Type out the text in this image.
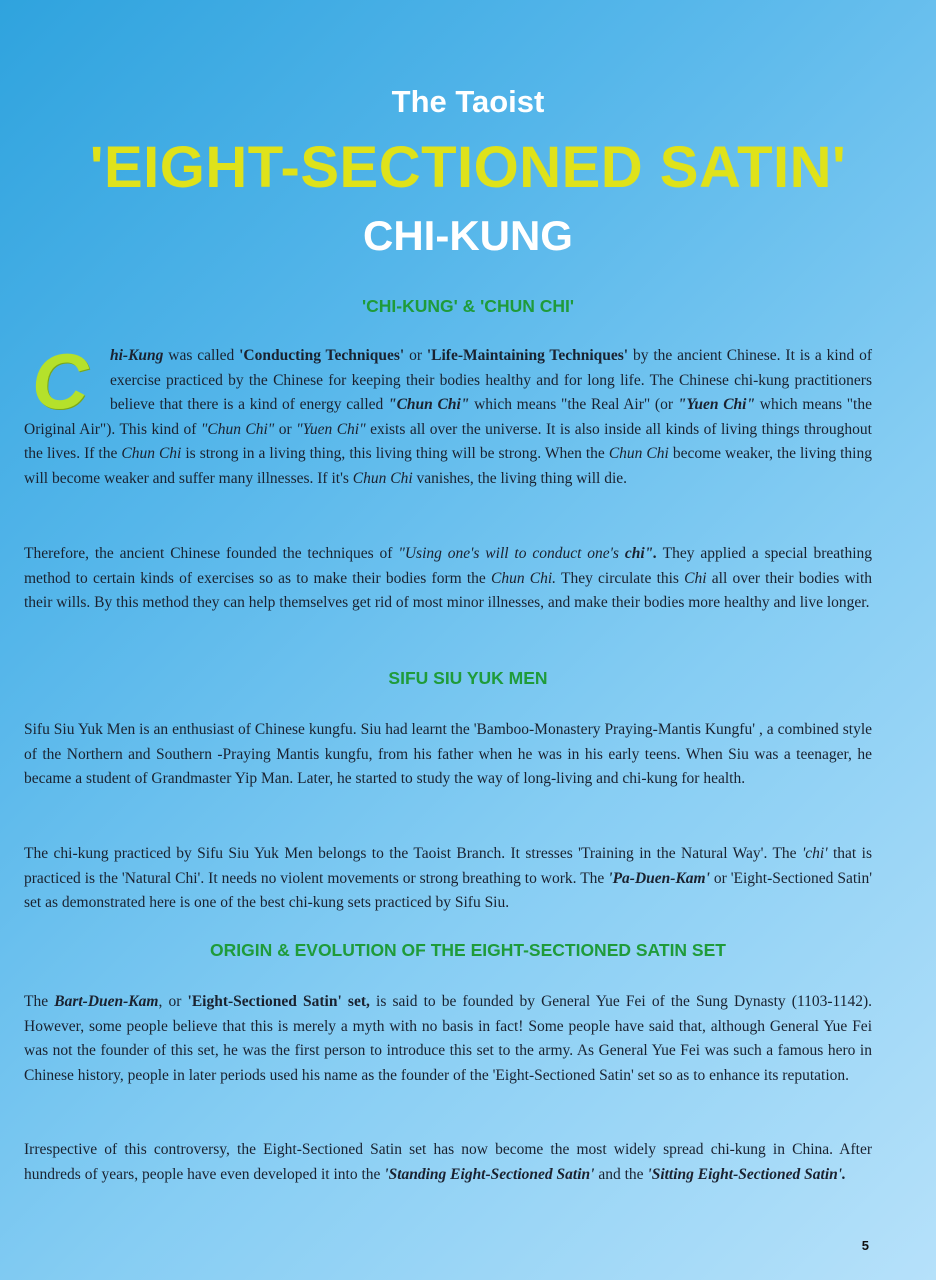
The Taoist
'EIGHT-SECTIONED SATIN'
CHI-KUNG
'CHI-KUNG' & 'CHUN CHI'

C	hi-Kung was called 'Conducting Techniques' or 'Life-Maintaining Techniques' by the ancient Chinese. It is a kind of exercise practiced by the Chinese for keeping their bodies healthy and for long life. The Chinese chi-kung practitioners believe that there is a kind of energy called "Chun Chi" which means "the Real Air" (or "Yuen Chi" which means "the Original Air"). This kind of "Chun Chi" or "Yuen Chi" exists all over the universe. It is also inside all kinds of living things throughout the lives. If the Chun Chi is strong in a living thing, this living thing will be strong. When the Chun Chi become weaker, the living thing will become weaker and suffer many illnesses. If it's Chun Chi vanishes, the living thing will die.

Therefore, the ancient Chinese founded the techniques of "Using one's will to conduct one's chi". They applied a special breathing method to certain kinds of exercises so as to make their bodies form the Chun Chi. They circulate this Chi all over their bodies with their wills. By this method they can help themselves get rid of most minor illnesses, and make their bodies more healthy and live longer.

SIFU SIU YUK MEN

Sifu Siu Yuk Men is an enthusiast of Chinese kungfu. Siu had learnt the 'Bamboo-Monastery Praying-Mantis Kungfu' , a combined style of the Northern and Southern -Praying Mantis kungfu, from his father when he was in his early teens. When Siu was a teenager, he became a student of Grandmaster Yip Man. Later, he started to study the way of long-living and chi-kung for health.

The chi-kung practiced by Sifu Siu Yuk Men belongs to the Taoist Branch. It stresses 'Training in the Natural Way'. The 'chi' that is practiced is the 'Natural Chi'. It needs no violent movements or strong breathing to work. The 'Pa-Duen-Kam' or 'Eight-Sectioned Satin' set as demonstrated here is one of the best chi-kung sets practiced by Sifu Siu.

ORIGIN & EVOLUTION OF THE EIGHT-SECTIONED SATIN SET

The Bart-Duen-Kam, or 'Eight-Sectioned Satin' set, is said to be founded by General Yue Fei of the Sung Dynasty (1103-1142). However, some people believe that this is merely a myth with no basis in fact! Some people have said that, although General Yue Fei was not the founder of this set, he was the first person to introduce this set to the army. As General Yue Fei was such a famous hero in Chinese history, people in later periods used his name as the founder of the 'Eight-Sectioned Satin' set so as to enhance its reputation.

Irrespective of this controversy, the Eight-Sectioned Satin set has now become the most widely spread chi-kung in China. After hundreds of years, people have even developed it into the 'Standing Eight-Sectioned Satin' and the 'Sitting Eight-Sectioned Satin'.

5
